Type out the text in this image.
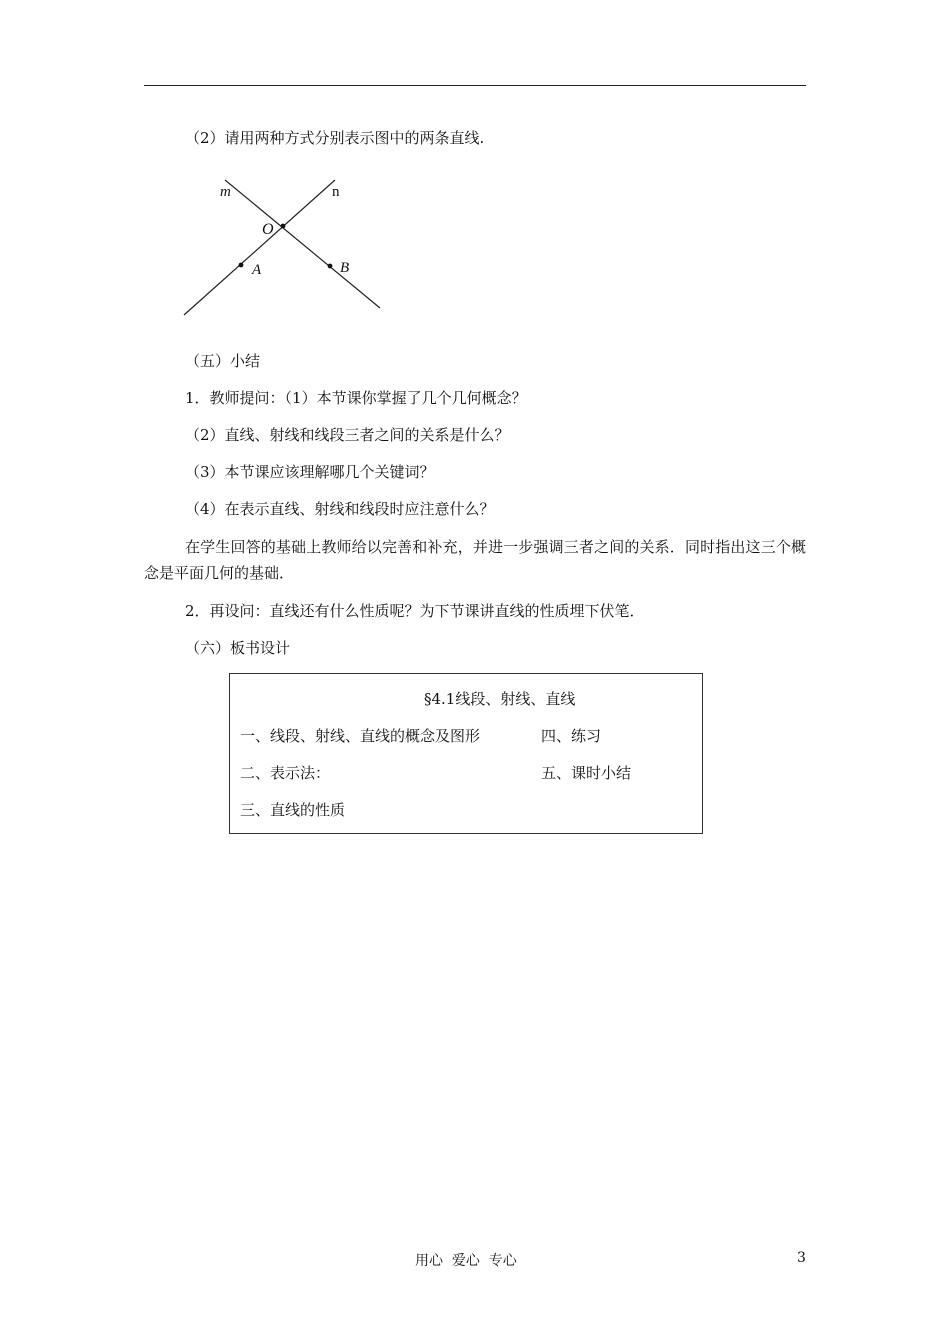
（2）请用两种方式分别表示图中的两条直线.
m	n
O
A	B
（五）小结
1．教师提问：（1）本节课你掌握了几个几何概念？
（2）直线、射线和线段三者之间的关系是什么？
（3）本节课应该理解哪几个关键词？
（4）在表示直线、射线和线段时应注意什么？
在学生回答的基础上教师给以完善和补充，并进一步强调三者之间的关系．同时指出这三个概念是平面几何的基础．
2．再设问：直线还有什么性质呢？为下节课讲直线的性质埋下伏笔．
（六）板书设计
§4.1线段、射线、直线
一、线段、射线、直线的概念及图形	四、练习
二、表示法：	五、课时小结
三、直线的性质
用心  爱心  专心	3
